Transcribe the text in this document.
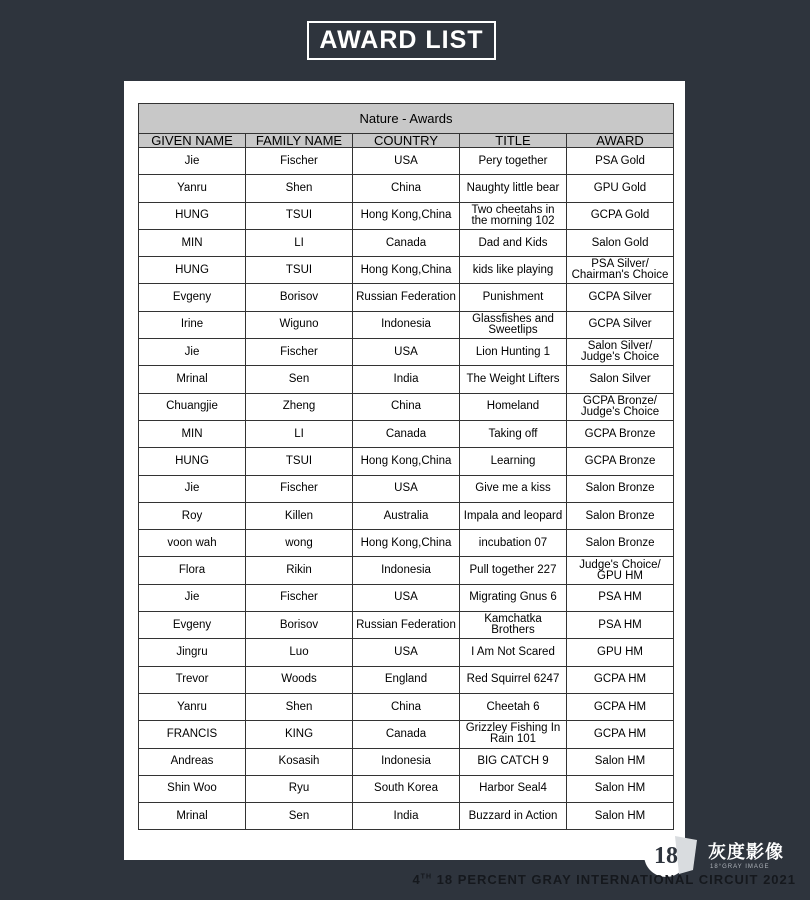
AWARD LIST
Nature - Awards				
GIVEN NAME	FAMILY NAME	COUNTRY	TITLE	AWARD
Jie	Fischer	USA	Pery together	PSA Gold
Yanru	Shen	China	Naughty little bear	GPU Gold
HUNG	TSUI	Hong Kong,China	Two cheetahs in the morning 102	GCPA Gold
MIN	LI	Canada	Dad and Kids	Salon Gold
HUNG	TSUI	Hong Kong,China	kids like playing	PSA Silver/ Chairman's Choice
Evgeny	Borisov	Russian Federation	Punishment	GCPA Silver
Irine	Wiguno	Indonesia	Glassfishes and Sweetlips	GCPA Silver
Jie	Fischer	USA	Lion Hunting 1	Salon Silver/ Judge's Choice
Mrinal	Sen	India	The Weight Lifters	Salon Silver
Chuangjie	Zheng	China	Homeland	GCPA Bronze/ Judge's Choice
MIN	LI	Canada	Taking off	GCPA Bronze
HUNG	TSUI	Hong Kong,China	Learning	GCPA Bronze
Jie	Fischer	USA	Give me a kiss	Salon Bronze
Roy	Killen	Australia	Impala and leopard	Salon Bronze
voon wah	wong	Hong Kong,China	incubation 07	Salon Bronze
Flora	Rikin	Indonesia	Pull together 227	Judge's Choice/ GPU HM
Jie	Fischer	USA	Migrating Gnus 6	PSA HM
Evgeny	Borisov	Russian Federation	Kamchatka Brothers	PSA HM
Jingru	Luo	USA	I Am Not Scared	GPU HM
Trevor	Woods	England	Red Squirrel 6247	GCPA HM
Yanru	Shen	China	Cheetah 6	GCPA HM
FRANCIS	KING	Canada	Grizzley Fishing In Rain 101	GCPA HM
Andreas	Kosasih	Indonesia	BIG CATCH 9	Salon HM
Shin Woo	Ryu	South Korea	Harbor Seal4	Salon HM
Mrinal	Sen	India	Buzzard in Action	Salon HM
18 灰度影像
18°GRAY IMAGE
4TH 18 PERCENT GRAY INTERNATIONAL CIRCUIT 2021
